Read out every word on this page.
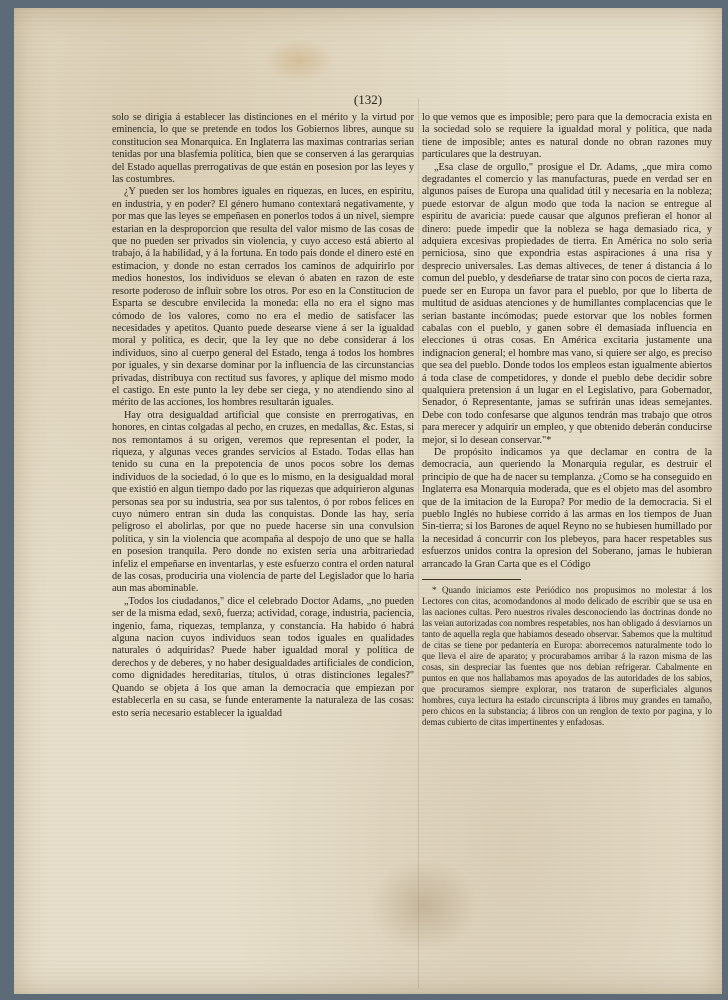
(132)

solo se dirigia á establecer las distinciones en el mérito y la virtud por eminencia, lo que se pretende en todos los Gobiernos libres, aunque su constitucion sea Monarquica. En Inglaterra las maximas contrarias serian tenidas por una blasfemia política, bien que se conserven á las gerarquias del Estado aquellas prerrogativas de que están en posesion por las leyes y las costumbres.

¿Y pueden ser los hombres iguales en riquezas, en luces, en espiritu, en industria, y en poder? El género humano contextará negativamente, y por mas que las leyes se empeñasen en ponerlos todos á un nivel, siempre estarian en la desproporcion que resulta del valor mismo de las cosas de que no pueden ser privados sin violencia, y cuyo acceso está abierto al trabajo, á la habilidad, y á la fortuna. En todo pais donde el dinero esté en estimacion, y donde no estan cerrados los caminos de adquirirlo por medios honestos, los individuos se elevan ó abaten en razon de este resorte poderoso de influir sobre los otros. Por eso en la Constitucion de Esparta se descubre envilecida la moneda: ella no era el signo mas cómodo de los valores, como no era el medio de satisfacer las necesidades y apetitos. Quanto puede desearse viene á ser la igualdad moral y política, es decir, que la ley que no debe considerar á los individuos, sino al cuerpo general del Estado, tenga á todos los hombres por iguales, y sin dexarse dominar por la influencia de las circunstancias privadas, distribuya con rectitud sus favores, y aplique del mismo modo el castigo. En este punto la ley debe ser ciega, y no atendiendo sino al mérito de las acciones, los hombres resultarán iguales.

Hay otra desigualdad artificial que consiste en prerrogativas, en honores, en cintas colgadas al pecho, en cruzes, en medallas, &c. Estas, si nos remontamos á su origen, veremos que representan el poder, la riqueza, y algunas veces grandes servicios al Estado. Todas ellas han tenido su cuna en la prepotencia de unos pocos sobre los demas individuos de la sociedad, ó lo que es lo mismo, en la desigualdad moral que existió en algun tiempo dado por las riquezas que adquirieron algunas personas sea por su industria, sea por sus talentos, ó por robos felices en cuyo número entran sin duda las conquistas. Donde las hay, sería peligroso el abolirlas, por que no puede hacerse sin una convulsion política, y sin la violencia que acompaña al despojo de uno que se halla en posesion tranquila. Pero donde no existen sería una arbitrariedad infeliz el empeñarse en inventarlas, y este esfuerzo contra el orden natural de las cosas, produciria una violencia de parte del Legislador que lo haria aun mas abominable.

„Todos los ciudadanos," dice el celebrado Doctor Adams, „no pueden ser de la misma edad, sexô, fuerza; actividad, corage, industria, paciencia, ingenio, fama, riquezas, templanza, y constancia. Ha habido ó habrá alguna nacion cuyos individuos sean todos iguales en qualidades naturales ó adquiridas? Puede haber igualdad moral y política de derechos y de deberes, y no haber desigualdades artificiales de condicion, como dignidades hereditarias, títulos, ú otras distinciones legales?" Quando se objeta á los que aman la democracia que empiezan por establecerla en su casa, se funde enteramente la naturaleza de las cosas: esto sería necesario establecer la igualdad

lo que vemos que es imposible; pero para que la democracia exista en la sociedad solo se requiere la igualdad moral y política, que nada tiene de imposible; antes es natural donde no obran razones muy particulares que la destruyan.

„Esa clase de orgullo," prosigue el Dr. Adams, „que mira como degradantes el comercio y las manufacturas, puede en verdad ser en algunos paises de Europa una qualidad útil y necesaria en la nobleza; puede estorvar de algun modo que toda la nacion se entregue al espiritu de avaricia: puede causar que algunos prefieran el honor al dinero: puede impedir que la nobleza se haga demasiado rica, y adquiera excesivas propiedades de tierra. En América no solo seria perniciosa, sino que expondria estas aspiraciones á una risa y desprecio universales. Las demas altiveces, de tener á distancia á lo comun del pueblo, y desdeñarse de tratar sino con pocos de cierta raza, puede ser en Europa un favor para el pueblo, por que lo liberta de multitud de asiduas atenciones y de humillantes complacencias que le serian bastante incómodas; puede estorvar que los nobles formen cabalas con el pueblo, y ganen sobre él demasiada influencia en elecciones ú otras cosas. En América excitaria justamente una indignacion general; el hombre mas vano, si quiere ser algo, es preciso que sea del pueblo. Donde todos los empleos estan igualmente abiertos á toda clase de competidores, y donde el pueblo debe decidir sobre qualquiera pretension á un lugar en el Legislativo, para Gobernador, Senador, ó Representante, jamas se sufrirán unas ideas semejantes. Debe con todo confesarse que algunos tendrán mas trabajo que otros para merecer y adquirir un empleo, y que obtenido deberán conducirse mejor, si lo desean conservar."*

De propósito indicamos ya que declamar en contra de la democracia, aun queriendo la Monarquia regular, es destruir el principio de que ha de nacer su templanza. ¿Como se ha conseguido en Inglaterra esa Monarquia moderada, que es el objeto mas del asombro que de la imitacion de la Europa? Por medio de la democracia. Si el pueblo Inglés no hubiese corrido á las armas en los tiempos de Juan Sin-tierra; si los Barones de aquel Reyno no se hubiesen humillado por la necesidad á concurrir con los plebeyos, para hacer respetables sus esfuerzos unidos contra la opresion del Soberano, jamas le hubieran arrancado la Gran Carta que es el Código

* Quando iniciamos este Periódico nos propusimos no molestar á los Lectores con citas, acomodandonos al modo delicado de escribir que se usa en las naciones cultas. Pero nuestros rivales desconociendo las doctrinas donde no las veian autorizadas con nombres respetables, nos han obligado á desviarnos un tanto de aquella regla que habiamos deseado observar. Sabemos que la multitud de citas se tiene por pedantería en Europa: aborrecemos naturalmente todo lo que lleva el aire de aparato; y procurabamos arribar á la razon misma de las cosas, sin despreciar las fuentes que nos debian refrigerar. Cabalmente en puntos en que nos hallabamos mas apoyados de las autoridades de los sabios, que procuramos siempre explorar, nos trataron de superficiales algunos hombres, cuya lectura ha estado circunscripta á libros muy grandes en tamaño, pero chicos en la substancia; á libros con un renglon de texto por pagina, y lo demas cubierto de citas impertinentes y enfadosas.
